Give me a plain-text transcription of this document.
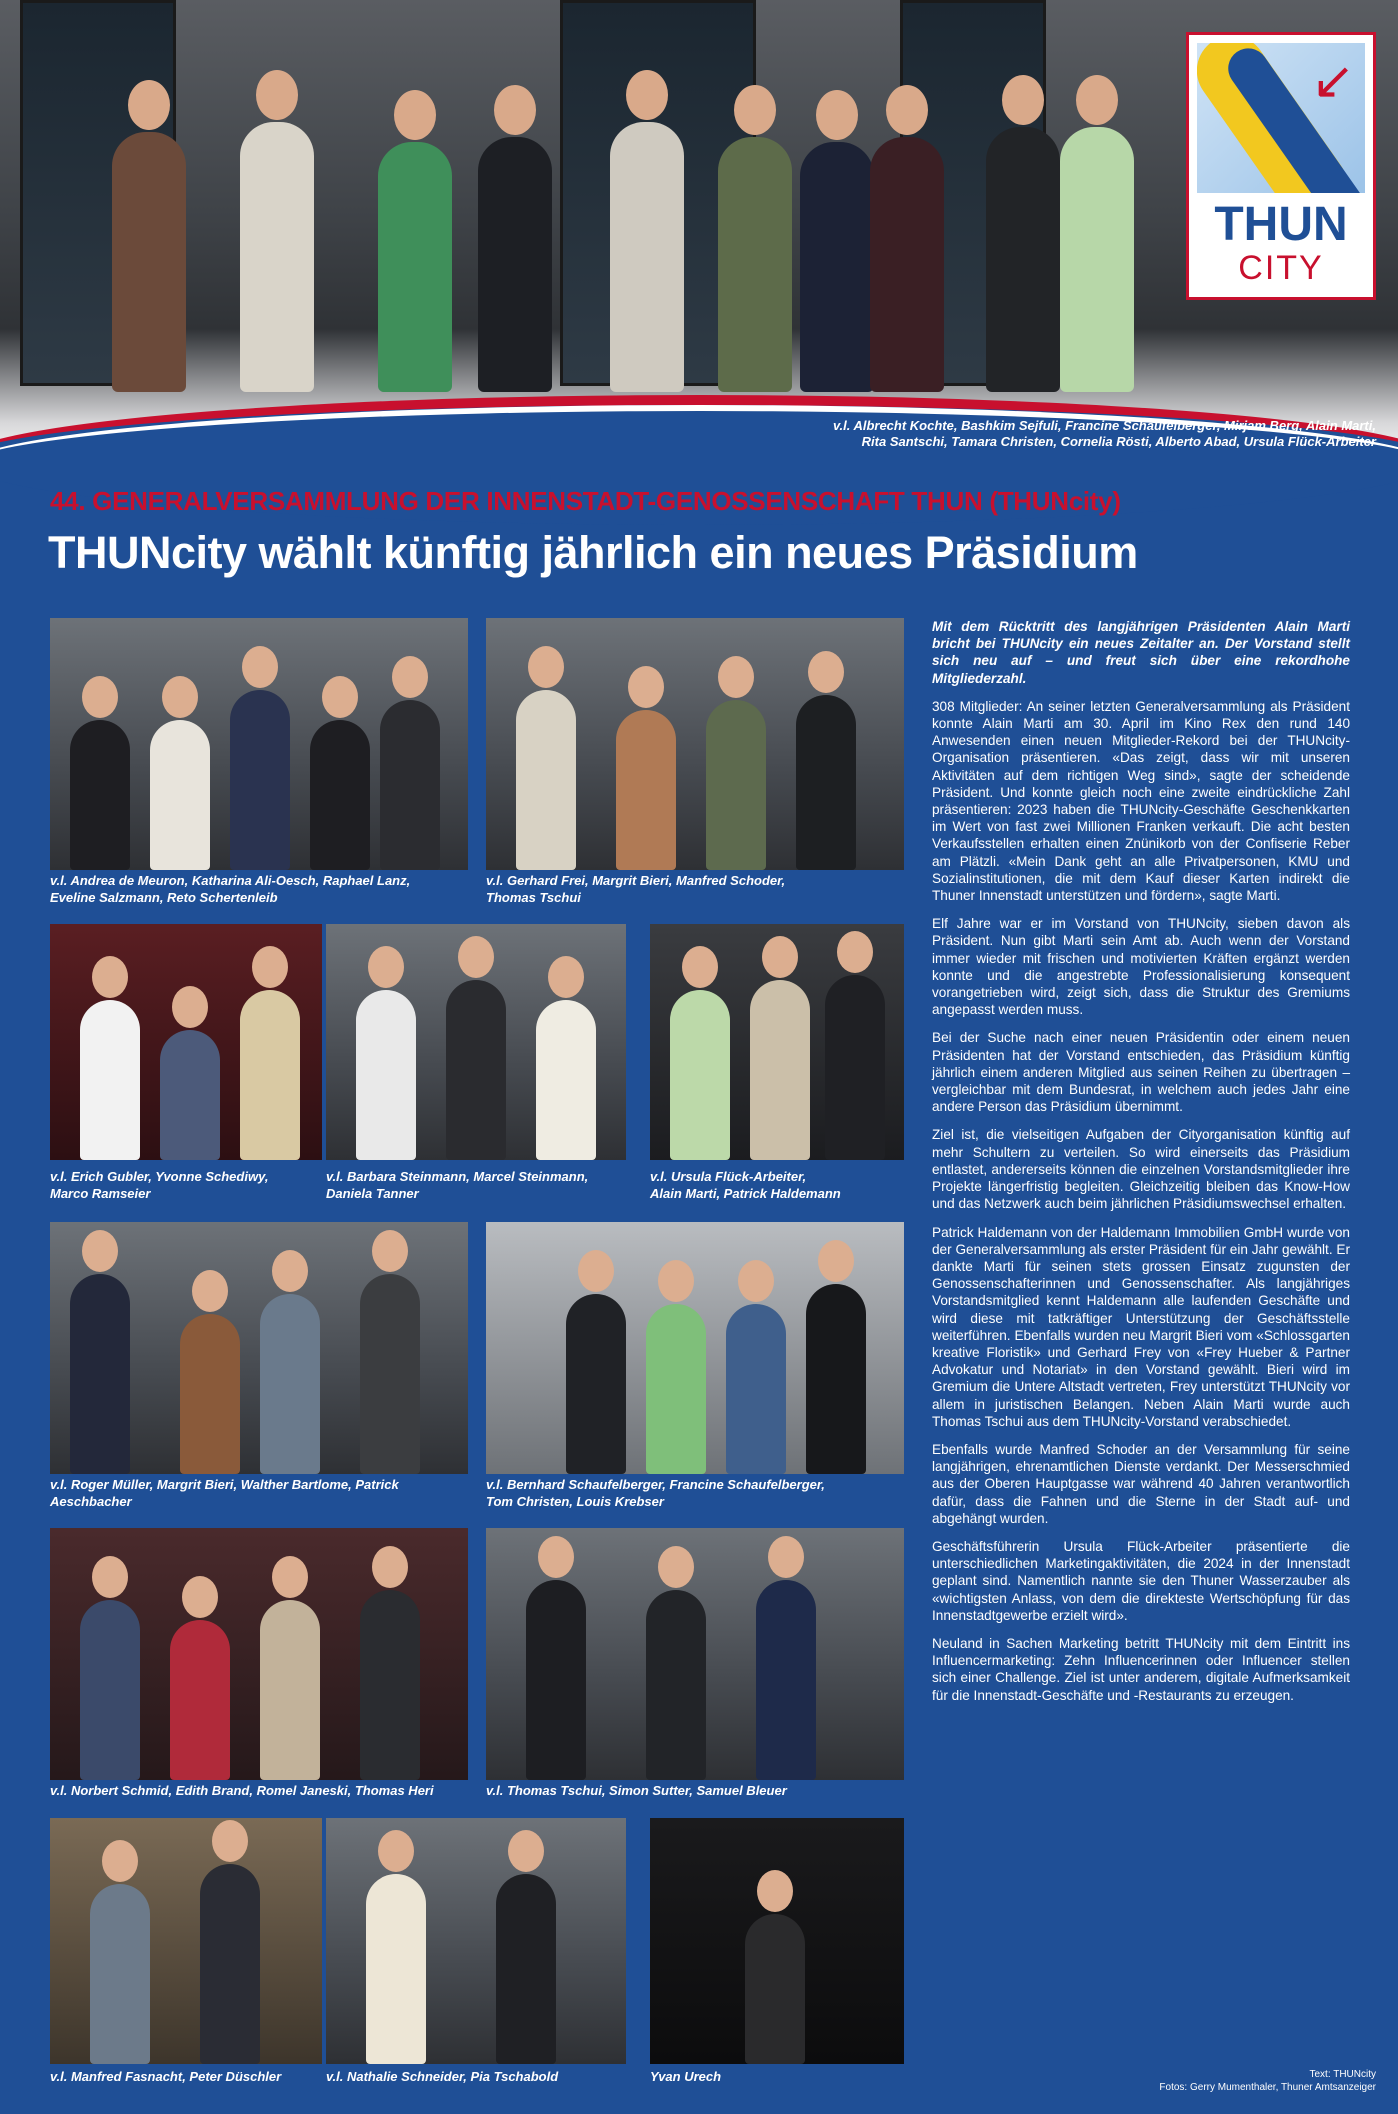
↙
THUN
CITY
v.l. Albrecht Kochte, Bashkim Sejfuli, Francine Schaufelberger, Mirjam Berg, Alain Marti,
Rita Santschi, Tamara Christen, Cornelia Rösti, Alberto Abad, Ursula Flück-Arbeiter
44. GENERALVERSAMMLUNG DER INNENSTADT-GENOSSENSCHAFT THUN (THUNcity)
THUNcity wählt künftig jährlich ein neues Präsidium
v.l. Andrea de Meuron, Katharina Ali-Oesch, Raphael Lanz,
Eveline Salzmann, Reto Schertenleib
v.l. Gerhard Frei, Margrit Bieri, Manfred Schoder,
Thomas Tschui
v.l. Erich Gubler, Yvonne Schediwy,
Marco Ramseier
v.l. Barbara Steinmann, Marcel Steinmann,
Daniela Tanner
v.l. Ursula Flück-Arbeiter,
Alain Marti, Patrick Haldemann
v.l. Roger Müller, Margrit Bieri, Walther Bartlome, Patrick
Aeschbacher
v.l. Bernhard Schaufelberger, Francine Schaufelberger,
Tom Christen, Louis Krebser
v.l. Norbert Schmid, Edith Brand, Romel Janeski, Thomas Heri	v.l. Thomas Tschui, Simon Sutter, Samuel Bleuer
v.l. Manfred Fasnacht, Peter Düschler	v.l. Nathalie Schneider, Pia Tschabold	Yvan Urech

Mit dem Rücktritt des langjährigen Präsidenten Alain Marti bricht bei THUNcity ein neues Zeitalter an. Der Vorstand stellt sich neu auf – und freut sich über eine rekordhohe Mitgliederzahl.

308 Mitglieder: An seiner letzten Generalversammlung als Präsident konnte Alain Marti am 30. April im Kino Rex den rund 140 Anwesenden einen neuen Mitglieder-Rekord bei der THUNcity-Organisation präsentieren. «Das zeigt, dass wir mit unseren Aktivitäten auf dem richtigen Weg sind», sagte der scheidende Präsident. Und konnte gleich noch eine zweite eindrückliche Zahl präsentieren: 2023 haben die THUNcity-Geschäfte Geschenkkarten im Wert von fast zwei Millionen Franken verkauft. Die acht besten Verkaufsstellen erhalten einen Znünikorb von der Confiserie Reber am Plätzli. «Mein Dank geht an alle Privatpersonen, KMU und Sozialinstitutionen, die mit dem Kauf dieser Karten indirekt die Thuner Innenstadt unterstützen und fördern», sagte Marti.

Elf Jahre war er im Vorstand von THUNcity, sieben davon als Präsident. Nun gibt Marti sein Amt ab. Auch wenn der Vorstand immer wieder mit frischen und motivierten Kräften ergänzt werden konnte und die angestrebte Professionalisierung konsequent vorangetrieben wird, zeigt sich, dass die Struktur des Gremiums angepasst werden muss.

Bei der Suche nach einer neuen Präsidentin oder einem neuen Präsidenten hat der Vorstand entschieden, das Präsidium künftig jährlich einem anderen Mitglied aus seinen Reihen zu übertragen – vergleichbar mit dem Bundesrat, in welchem auch jedes Jahr eine andere Person das Präsidium übernimmt.

Ziel ist, die vielseitigen Aufgaben der Cityorganisation künftig auf mehr Schultern zu verteilen. So wird einerseits das Präsidium entlastet, andererseits können die einzelnen Vorstandsmitglieder ihre Projekte längerfristig begleiten. Gleichzeitig bleiben das Know-How und das Netzwerk auch beim jährlichen Präsidiumswechsel erhalten.

Patrick Haldemann von der Haldemann Immobilien GmbH wurde von der Generalversammlung als erster Präsident für ein Jahr gewählt. Er dankte Marti für seinen stets grossen Einsatz zugunsten der Genossenschafterinnen und Genossenschafter. Als langjähriges Vorstandsmitglied kennt Haldemann alle laufenden Geschäfte und wird diese mit tatkräftiger Unterstützung der Geschäftsstelle weiterführen. Ebenfalls wurden neu Margrit Bieri vom «Schlossgarten kreative Floristik» und Gerhard Frey von «Frey Hueber & Partner Advokatur und Notariat» in den Vorstand gewählt. Bieri wird im Gremium die Untere Altstadt vertreten, Frey unterstützt THUNcity vor allem in juristischen Belangen. Neben Alain Marti wurde auch Thomas Tschui aus dem THUNcity-Vorstand verabschiedet.

Ebenfalls wurde Manfred Schoder an der Versammlung für seine langjährigen, ehrenamtlichen Dienste verdankt. Der Messerschmied aus der Oberen Hauptgasse war während 40 Jahren verantwortlich dafür, dass die Fahnen und die Sterne in der Stadt auf- und abgehängt wurden.

Geschäftsführerin Ursula Flück-Arbeiter präsentierte die unterschiedlichen Marketingaktivitäten, die 2024 in der Innenstadt geplant sind. Namentlich nannte sie den Thuner Wasserzauber als «wichtigsten Anlass, von dem die direkteste Wertschöpfung für das Innenstadtgewerbe erzielt wird».

Neuland in Sachen Marketing betritt THUNcity mit dem Eintritt ins Influencermarketing: Zehn Influencerinnen oder Influencer stellen sich einer Challenge. Ziel ist unter anderem, digitale Aufmerksamkeit für die Innenstadt-Geschäfte und -Restaurants zu erzeugen.

Text: THUNcity
Fotos: Gerry Mumenthaler, Thuner Amtsanzeiger
